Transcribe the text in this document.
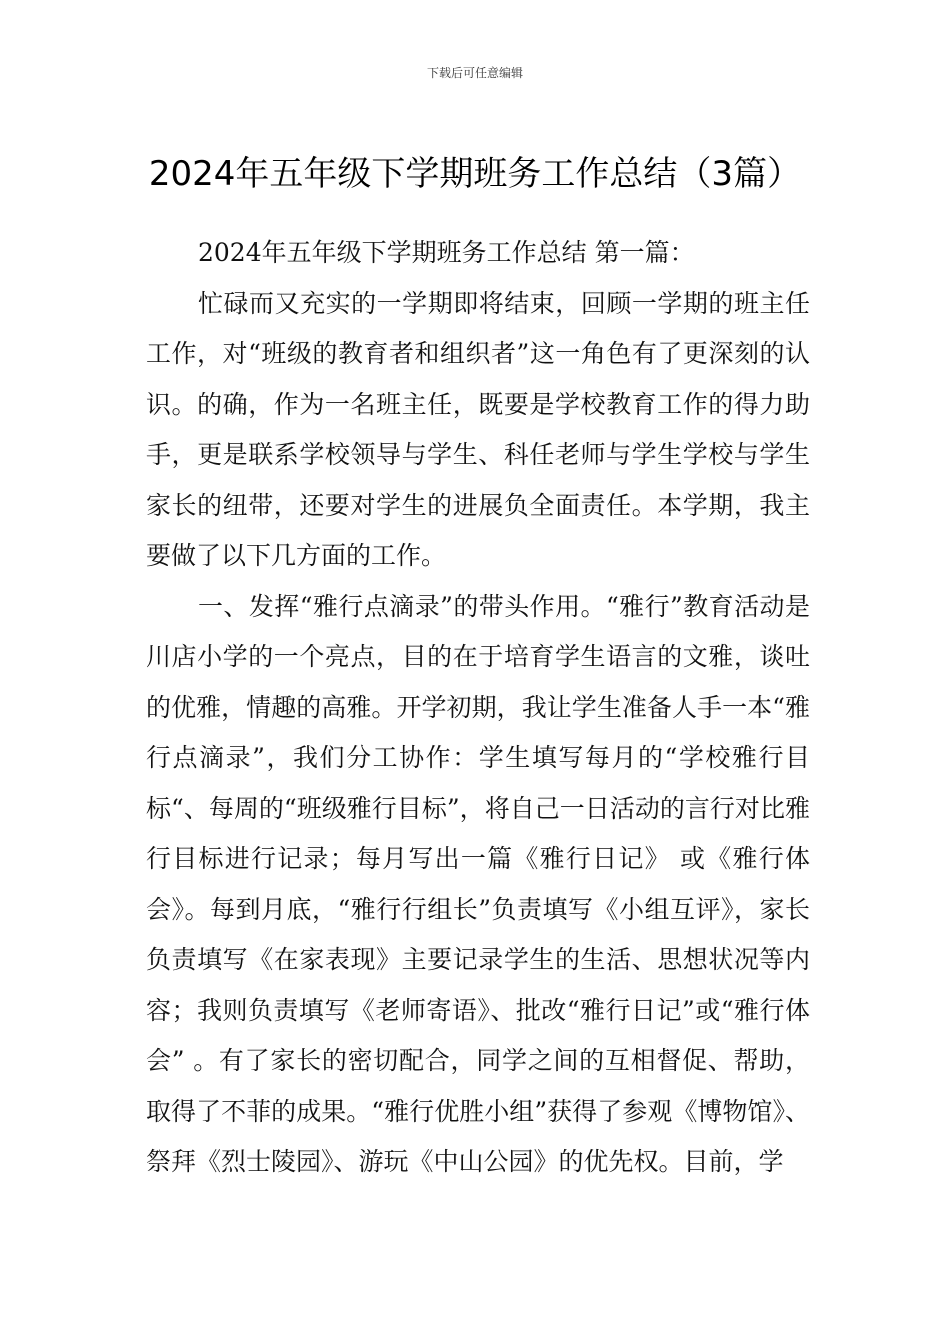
下载后可任意编辑
2024年五年级下学期班务工作总结（3篇）

2024年五年级下学期班务工作总结 第一篇：

忙碌而又充实的一学期即将结束，回顾一学期的班主任工作，对“班级的教育者和组织者”这一角色有了更深刻的认识。的确，作为一名班主任，既要是学校教育工作的得力助手，更是联系学校领导与学生、科任老师与学生学校与学生家长的纽带，还要对学生的进展负全面责任。本学期，我主要做了以下几方面的工作。

一、发挥“雅行点滴录”的带头作用。“雅行”教育活动是川店小学的一个亮点，目的在于培育学生语言的文雅，谈吐的优雅，情趣的高雅。开学初期，我让学生准备人手一本“雅行点滴录”，我们分工协作：学生填写每月的“学校雅行目标“、每周的“班级雅行目标”，将自己一日活动的言行对比雅行目标进行记录；每月写出一篇《雅行日记》 或《雅行体会》。每到月底，“雅行行组长”负责填写《小组互评》，家长负责填写《在家表现》主要记录学生的生活、思想状况等内容；我则负责填写《老师寄语》、批改“雅行日记”或“雅行体会” 。有了家长的密切配合，同学之间的互相督促、帮助，取得了不菲的成果。“雅行优胜小组”获得了参观《博物馆》、祭拜《烈士陵园》、游玩《中山公园》的优先权。目前，学
